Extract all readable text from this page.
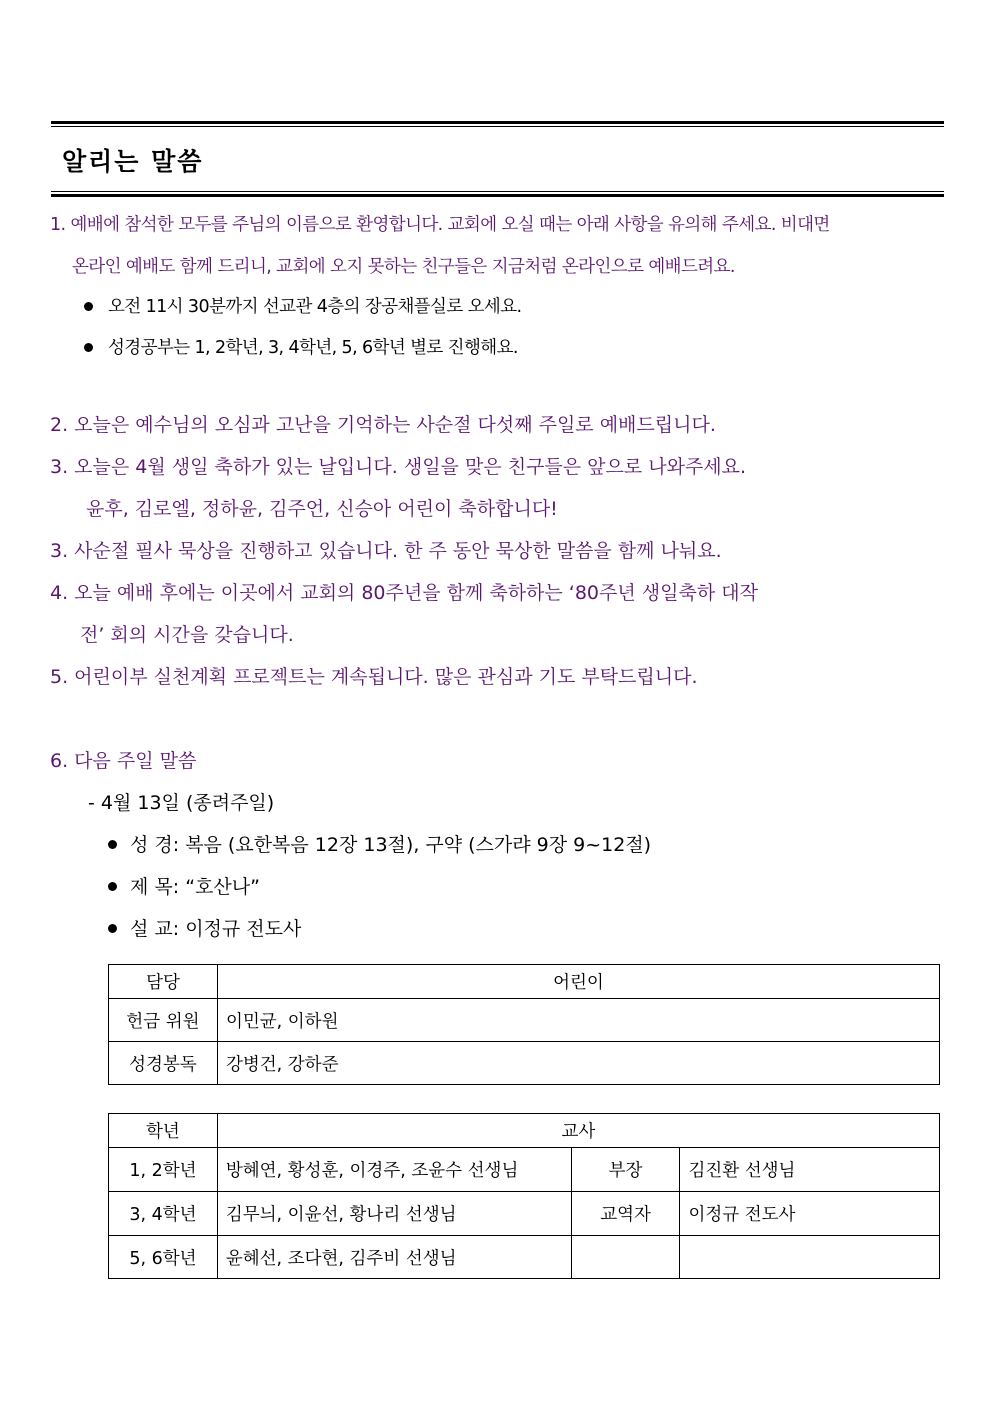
알리는 말씀
1. 예배에 참석한 모두를 주님의 이름으로 환영합니다. 교회에 오실 때는 아래 사항을 유의해 주세요. 비대면
온라인 예배도 함께 드리니, 교회에 오지 못하는 친구들은 지금처럼 온라인으로 예배드려요.
오전 11시 30분까지 선교관 4층의 장공채플실로 오세요.
성경공부는 1, 2학년, 3, 4학년, 5, 6학년 별로 진행해요.
2. 오늘은 예수님의 오심과 고난을 기억하는 사순절 다섯째 주일로 예배드립니다.
3. 오늘은 4월 생일 축하가 있는 날입니다. 생일을 맞은 친구들은 앞으로 나와주세요.
윤후, 김로엘, 정하윤, 김주언, 신승아 어린이 축하합니다!
3. 사순절 필사 묵상을 진행하고 있습니다. 한 주 동안 묵상한 말씀을 함께 나눠요.
4. 오늘 예배 후에는 이곳에서 교회의 80주년을 함께 축하하는 ‘80주년 생일축하 대작
전’ 회의 시간을 갖습니다.
5. 어린이부 실천계획 프로젝트는 계속됩니다. 많은 관심과 기도 부탁드립니다.
6. 다음 주일 말씀
- 4월 13일 (종려주일)
성 경: 복음 (요한복음 12장 13절), 구약 (스가랴 9장 9~12절)
제 목: “호산나”
설 교: 이정규 전도사
담당	어린이
헌금 위원	이민균, 이하원
성경봉독	강병건, 강하준
학년	교사		
1, 2학년	방혜연, 황성훈, 이경주, 조윤수 선생님	부장	김진환 선생님
3, 4학년	김무늬, 이윤선, 황나리 선생님	교역자	이정규 전도사
5, 6학년	윤혜선, 조다현, 김주비 선생님		
